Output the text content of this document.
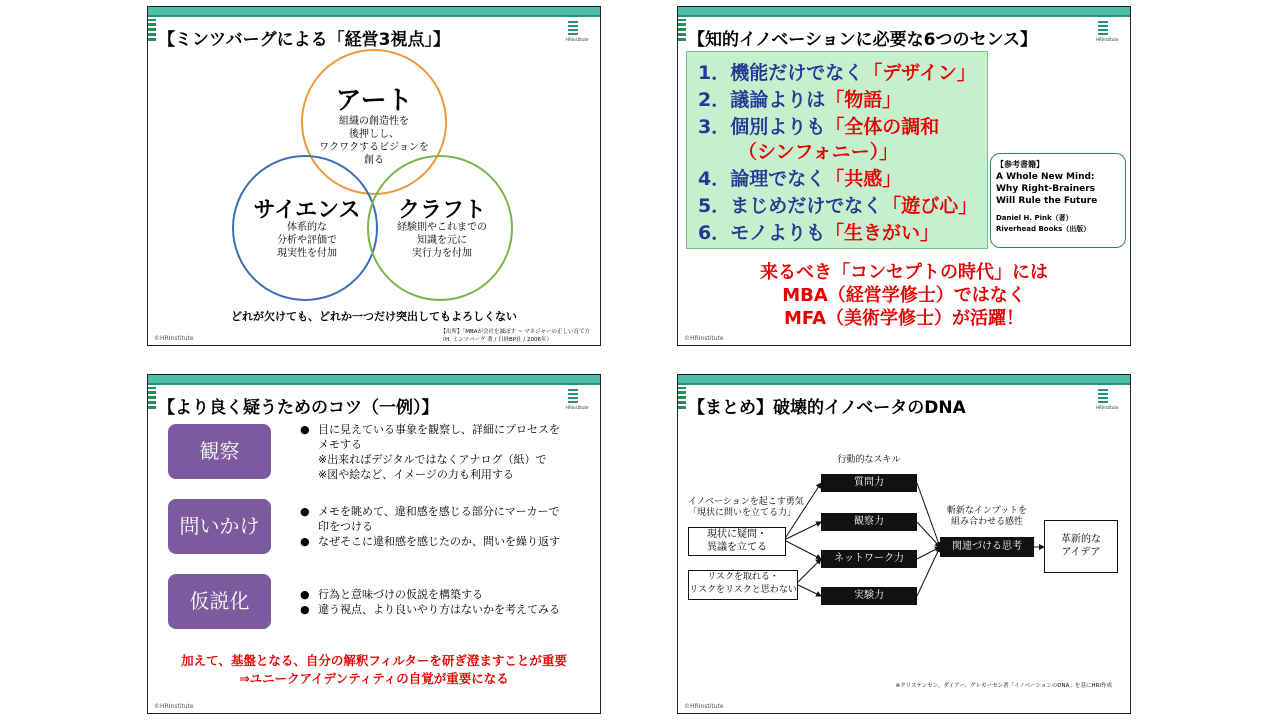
【ミンツバーグによる「経営3視点」】	HRInstitute
アート
組織の創造性を
後押しし、
ワクワクするビジョンを
創る
サイエンス
体系的な
分析や評価で
現実性を付加
クラフト
経験則やこれまでの
知識を元に
実行力を付加
どれが欠けても、どれか一つだけ突出してもよろしくない
【出所】「MBAが会社を滅ぼす ~ マネジャーの正しい育て方
（H. ミンツバーグ 著 / 日経BP社 / 2006年）
©HRInstitute
【知的イノベーションに必要な6つのセンス】	HRInstitute
1．機能だけでなく「デザイン」
2．議論よりは「物語」
3．個別よりも「全体の調和
（シンフォニー）」
4．論理でなく「共感」
5．まじめだけでなく「遊び心」
6．モノよりも「生きがい」
【参考書籍】
A Whole New Mind:
Why Right-Brainers
Will Rule the Future
Daniel H. Pink（著）
Riverhead Books（出版）
来るべき「コンセプトの時代」には
MBA（経営学修士）ではなく
MFA（美術学修士）が活躍！
©HRInstitute
【より良く疑うためのコツ（一例）】	HRInstitute
観察
● 目に見えている事象を観察し、詳細にプロセスを
メモする
※出来ればデジタルではなくアナログ（紙）で
※図や絵など、イメージの力も利用する
問いかけ
● メモを眺めて、違和感を感じる部分にマーカーで
印をつける
● なぜそこに違和感を感じたのか、問いを繰り返す
仮説化	● 行為と意味づけの仮説を構築する
● 違う視点、より良いやり方はないかを考えてみる
加えて、基盤となる、自分の解釈フィルターを研ぎ澄ますことが重要
⇒ユニークアイデンティティの自覚が重要になる
©HRInstitute
【まとめ】破壊的イノベータのDNA	HRInstitute
イノベーションを起こす勇気
「現状に問いを立てる力」
現状に疑問・
異議を立てる
リスクを取れる・
リスクをリスクと思わない
行動的なスキル
質問力
観察力
ネットワーク力
実験力
斬新なインプットを
組み合わせる感性
関連づける思考
革新的な
アイデア
※クリステンセン、ダイアー、グレガーセン著「イノベーションのDNA」を基にHRI作成
©HRInstitute
